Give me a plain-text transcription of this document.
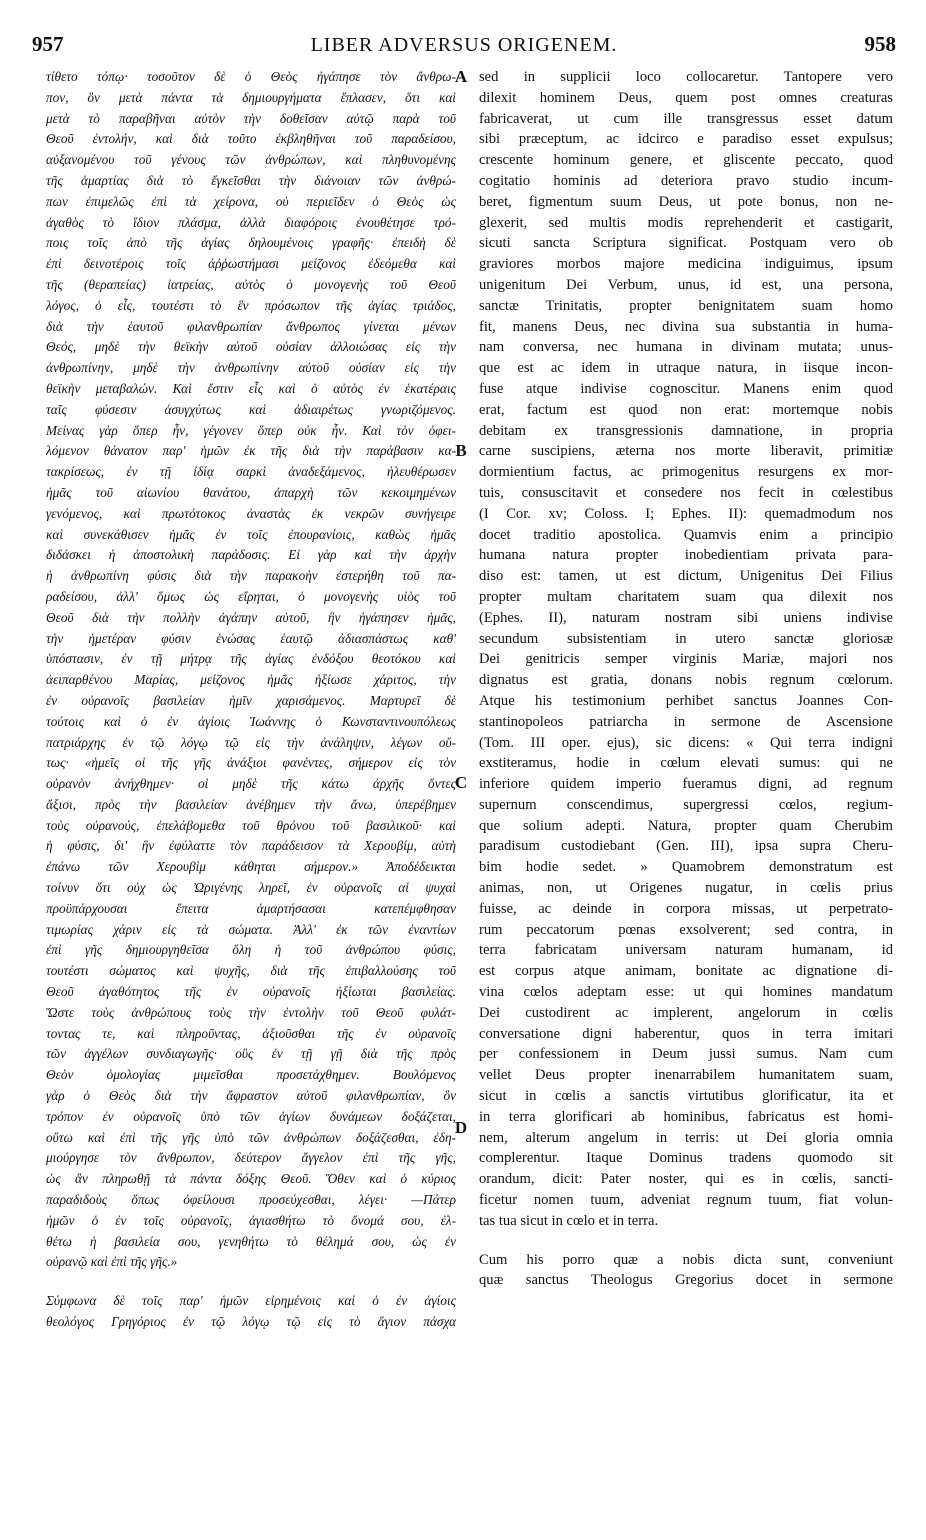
957	LIBER ADVERSUS ORIGENEM.	958
τίθετο τόπῳ· τοσοῦτον δὲ ὁ Θεὸς ἠγάπησε τὸν ἄνθρω-
πον, ὃν μετὰ πάντα τὰ δημιουργήματα ἔπλασεν, ὅτι καὶ
μετὰ τὸ παραβῆναι αὐτὸν τὴν δοθεῖσαν αὐτῷ παρὰ τοῦ
Θεοῦ ἐντολήν, καὶ διὰ τοῦτο ἐκβληθῆναι τοῦ παραδείσου,
αὐξανομένου τοῦ γένους τῶν ἀνθρώπων, καὶ πληθυνομένης
τῆς ἁμαρτίας διὰ τὸ ἔγκεῖσθαι τὴν διάνοιαν τῶν ἀνθρώ-
πων ἐπιμελῶς ἐπὶ τὰ χείρονα, οὐ περιεῖδεν ὁ Θεὸς ὡς
ἀγαθὸς τὸ ἴδιον πλάσμα, ἀλλὰ διαφόροις ἐνουθέτησε τρό-
ποις τοῖς ἀπὸ τῆς ἁγίας δηλουμένοις γραφῆς· ἐπειδὴ δὲ
ἐπὶ δεινοτέροις τοῖς ἀῤῥωστήμασι μείζονος ἐδεόμεθα καὶ
τῆς (θεραπείας) ἰατρείας, αὐτὸς ὁ μονογενὴς τοῦ Θεοῦ
λόγος, ὁ εἷς, τουτέστι τὸ ἓν πρόσωπον τῆς ἁγίας τριάδος,
διὰ τὴν ἑαυτοῦ φιλανθρωπίαν ἄνθρωπος γίνεται μένων
Θεός, μηδὲ τὴν θεϊκὴν αὐτοῦ οὐσίαν ἀλλοιώσας εἰς τὴν
ἀνθρωπίνην, μηδὲ τὴν ἀνθρωπίνην αὐτοῦ οὐσίαν εἰς τὴν
θεϊκὴν μεταβαλών. Καὶ ἔστιν εἷς καὶ ὁ αὐτὸς ἐν ἑκατέραις
ταῖς φύσεσιν ἀσυγχύτως καὶ ἀδιαιρέτως γνωριζόμενος.
Μείνας γὰρ ὅπερ ἦν, γέγονεν ὅπερ οὐκ ἦν. Καὶ τὸν ὀφει-
λόμενον θάνατον παρ' ἡμῶν ἐκ τῆς διὰ τὴν παράβασιν κα-
τακρίσεως, ἐν τῇ ἰδίᾳ σαρκὶ ἀναδεξάμενος, ἠλευθέρωσεν
ἡμᾶς τοῦ αἰωνίου θανάτου, ἀπαρχὴ τῶν κεκοιμημένων
γενόμενος, καὶ πρωτότοκος ἀναστὰς ἐκ νεκρῶν συνήγειρε
καὶ συνεκάθισεν ἡμᾶς ἐν τοῖς ἐπουρανίοις, καθὼς ἡμᾶς
διδάσκει ἡ ἀποστολικὴ παράδοσις. Εἰ γὰρ καὶ τὴν ἀρχὴν
ἡ ἀνθρωπίνη φύσις διὰ τὴν παρακοὴν ἐστερήθη τοῦ πα-
ραδείσου, ἀλλ' ὅμως ὡς εἴρηται, ὁ μονογενὴς υἱὸς τοῦ
Θεοῦ διὰ τὴν πολλὴν ἀγάπην αὐτοῦ, ἣν ἠγάπησεν ἡμᾶς,
τὴν ἡμετέραν φύσιν ἑνώσας ἑαυτῷ ἀδιασπάστως καθ'
ὑπόστασιν, ἐν τῇ μήτρᾳ τῆς ἁγίας ἐνδόξου θεοτόκου καὶ
ἀειπαρθένου Μαρίας, μείζονος ἡμᾶς ἠξίωσε χάριτος, τὴν
ἐν οὐρανοῖς βασιλείαν ἡμῖν χαρισάμενος. Μαρτυρεῖ δὲ
τούτοις καὶ ὁ ἐν ἁγίοις Ἰωάννης ὁ Κωνσταντινουπόλεως
πατριάρχης ἐν τῷ λόγῳ τῷ εἰς τὴν ἀνάληψιν, λέγων οὕ-
τως· «ἡμεῖς οἱ τῆς γῆς ἀνάξιοι φανέντες, σήμερον εἰς τὸν
οὐρανὸν ἀνήχθημεν· οἱ μηδὲ τῆς κάτω ἀρχῆς ὄντες
ἄξιοι, πρὸς τὴν βασιλείαν ἀνέβημεν τὴν ἄνω, ὑπερέβημεν
τοὺς οὐρανούς, ἐπελάβομεθα τοῦ θρόνου τοῦ βασιλικοῦ· καὶ
ἡ φύσις, δι' ἣν ἐφύλαττε τὸν παράδεισον τὰ Χερουβίμ, αὐτὴ
ἐπάνω τῶν Χερουβὶμ κάθηται σήμερον.» Ἀποδέδεικται
τοίνυν ὅτι οὐχ ὡς Ὠριγένης ληρεῖ, ἐν οὐρανοῖς αἱ ψυχαὶ
προϋπάρχουσαι ἔπειτα ἁμαρτήσασαι κατεπέμφθησαν
τιμωρίας χάριν εἰς τὰ σώματα. Ἀλλ' ἐκ τῶν ἐναντίων
ἐπὶ γῆς δημιουργηθεῖσα ὅλη ἡ τοῦ ἀνθρώπου φύσις,
τουτέστι σώματος καὶ ψυχῆς, διὰ τῆς ἐπιβαλλούσης τοῦ
Θεοῦ ἀγαθότητος τῆς ἐν οὐρανοῖς ἠξίωται βασιλείας.
Ὥστε τοὺς ἀνθρώπους τοὺς τὴν ἐντολὴν τοῦ Θεοῦ φυλάτ-
τοντας τε, καὶ πληροῦντας, ἀξιοῦσθαι τῆς ἐν οὐρανοῖς
τῶν ἀγγέλων συνδιαγωγῆς· οὓς ἐν τῇ γῇ διὰ τῆς πρὸς
Θεὸν ὁμολογίας μιμεῖσθαι προσετάχθημεν. Βουλόμενος
γὰρ ὁ Θεὸς διὰ τὴν ἄφραστον αὐτοῦ φιλανθρωπίαν, ὃν
τρόπον ἐν οὐρανοῖς ὑπὸ τῶν ἁγίων δυνάμεων δοξάζεται,
οὕτω καὶ ἐπὶ τῆς γῆς ὑπὸ τῶν ἀνθρώπων δοξάζεσθαι, ἐδη-
μιούργησε τὸν ἄνθρωπον, δεύτερον ἄγγελον ἐπὶ τῆς γῆς,
ὡς ἂν πληρωθῇ τὰ πάντα δόξης Θεοῦ. Ὅθεν καὶ ὁ κύριος
παραδιδοὺς ὅπως ὀφείλουσι προσεύχεσθαι, λέγει· —Πάτερ
ἡμῶν ὁ ἐν τοῖς οὐρανοῖς, ἁγιασθήτω τὸ ὄνομά σου, ἐλ-
θέτω ἡ βασιλεία σου, γενηθήτω τὸ θέλημά σου, ὡς ἐν
οὐρανῷ καὶ ἐπὶ τῆς γῆς.»
Σύμφωνα δὲ τοῖς παρ' ἡμῶν εἰρημένοις καὶ ὁ ἐν ἁγίοις
θεολόγος Γρηγόριος ἐν τῷ λόγῳ τῷ εἰς τὸ ἅγιον πάσχα
sed in supplicii loco collocaretur. Tantopere vero
dilexit hominem Deus, quem post omnes creaturas
fabricaverat, ut cum ille transgressus esset datum
sibi præceptum, ac idcirco e paradiso esset expulsus;
crescente hominum genere, et gliscente peccato, quod
cogitatio hominis ad deteriora pravo studio incum-
beret, figmentum suum Deus, ut pote bonus, non ne-
glexerit, sed multis modis reprehenderit et castigarit,
sicuti sancta Scriptura significat. Postquam vero ob
graviores morbos majore medicina indiguimus, ipsum
unigenitum Dei Verbum, unus, id est, una persona,
sanctæ Trinitatis, propter benignitatem suam homo
fit, manens Deus, nec divina sua substantia in huma-
nam conversa, nec humana in divinam mutata; unus-
que est ac idem in utraque natura, in iisque incon-
fuse atque indivise cognoscitur. Manens enim quod
erat, factum est quod non erat: mortemque nobis
debitam ex transgressionis damnatione, in propria
carne suscipiens, æterna nos morte liberavit, primitiæ
dormientium factus, ac primogenitus resurgens ex mor-
tuis, consuscitavit et consedere nos fecit in cœlestibus
(I Cor. xv; Coloss. I; Ephes. II): quemadmodum nos
docet traditio apostolica. Quamvis enim a principio
humana natura propter inobedientiam privata para-
diso est: tamen, ut est dictum, Unigenitus Dei Filius
propter multam charitatem suam qua dilexit nos
(Ephes. II), naturam nostram sibi uniens indivise
secundum subsistentiam in utero sanctæ gloriosæ
Dei genitricis semper virginis Mariæ, majori nos
dignatus est gratia, donans nobis regnum cœlorum.
Atque his testimonium perhibet sanctus Joannes Con-
stantinopoleos patriarcha in sermone de Ascensione
(Tom. III oper. ejus), sic dicens: « Qui terra indigni
exstiteramus, hodie in cœlum elevati sumus: qui ne
inferiore quidem imperio fueramus digni, ad regnum
supernum conscendimus, supergressi cœlos, regium-
que solium adepti. Natura, propter quam Cherubim
paradisum custodiebant (Gen. III), ipsa supra Cheru-
bim hodie sedet. » Quamobrem demonstratum est
animas, non, ut Origenes nugatur, in cœlis prius
fuisse, ac deinde in corpora missas, ut perpetrato-
rum peccatorum pœnas exsolverent; sed contra, in
terra fabricatam universam naturam humanam, id
est corpus atque animam, bonitate ac dignatione di-
vina cœlos adeptam esse: ut qui homines mandatum
Dei custodirent ac implerent, angelorum in cœlis
conversatione digni haberentur, quos in terra imitari
per confessionem in Deum jussi sumus. Nam cum
vellet Deus propter inenarrabilem humanitatem suam,
sicut in cœlis a sanctis virtutibus glorificatur, ita et
in terra glorificari ab hominibus, fabricatus est homi-
nem, alterum angelum in terris: ut Dei gloria omnia
complerentur. Itaque Dominus tradens quomodo sit
orandum, dicit: Pater noster, qui es in cœlis, sancti-
ficetur nomen tuum, adveniat regnum tuum, fiat volun-
tas tua sicut in cœlo et in terra.
Cum his porro quæ a nobis dicta sunt, conveniunt
quæ sanctus Theologus Gregorius docet in sermone
A
B
C
D
